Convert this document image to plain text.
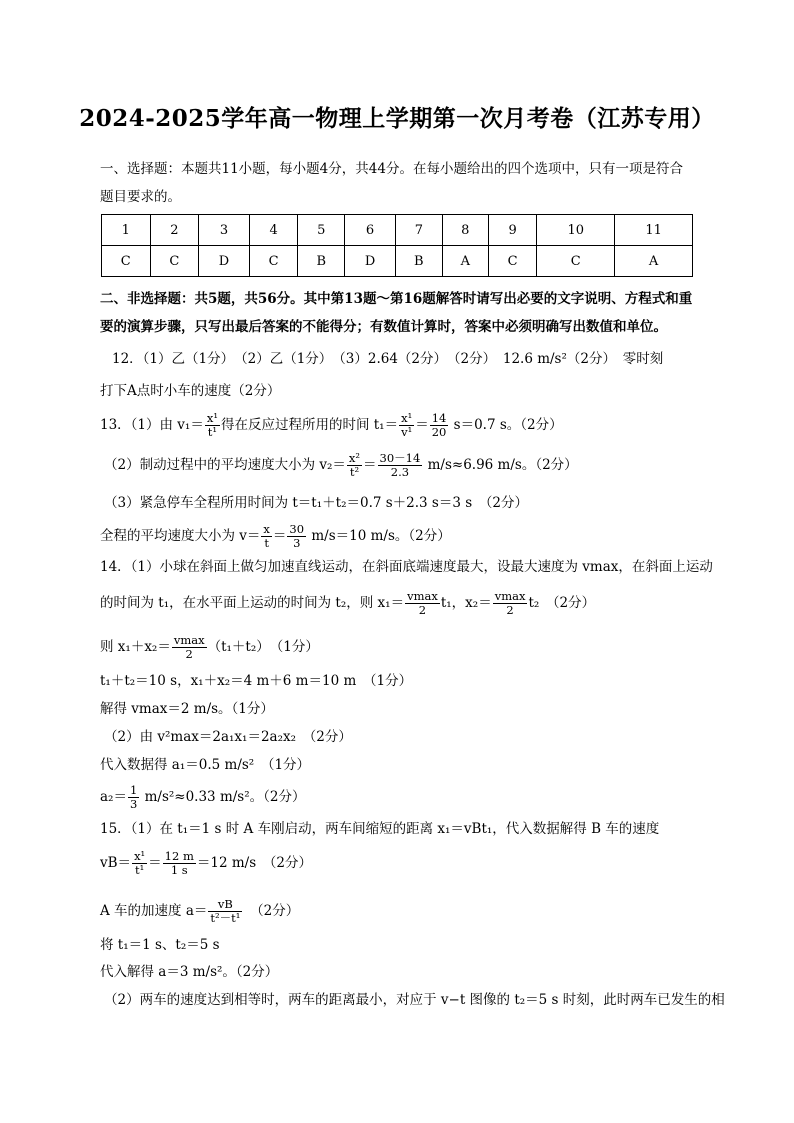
2024-2025学年高一物理上学期第一次月考卷（江苏专用）
一、选择题：本题共11小题，每小题4分，共44分。在每小题给出的四个选项中，只有一项是符合
题目要求的。
1	2	3	4	5	6	7	8	9	10	11
C	C	D	C	B	D	B	A	C	C	A
二、非选择题：共5题，共56分。其中第13题～第16题解答时请写出必要的文字说明、方程式和重
要的演算步骤，只写出最后答案的不能得分；有数值计算时，答案中必须明确写出数值和单位。
12．（1）乙（1分）　（2）乙（1分）　（3）2.64（2分）　（2分）　12.6 m/s²（2分）　零时刻
打下A点时小车的速度（2分）
13．（1）由 $v_1= \frac{\text{x¹}}{\text{t¹}}$ 得在反应过程所用的时间 $t_1= \frac{\text{x¹}}{\text{v¹}} = \frac{14}{20} s=0.7$ s。（2分）
（2）制动过程中的平均速度大小为 $v_2= \frac{\text{x²}}{\text{t²}} = \frac{30-14}{2.3} m/s\approx 6.96$ m/s。（2分）
（3）紧急停车全程所用时间为 t＝t₁＋t₂＝0.7 s＋2.3 s＝3 s　（2分）
全程的平均速度大小为 $v= \frac{x}{t} = \frac{30}{3} m/s=10$ m/s。（2分）
14．（1）小球在斜面上做匀加速直线运动，在斜面底端速度最大，设最大速度为 vmax，在斜面上运动
的时间为 t₁，在水平面上运动的时间为 t₂，则 $x_1= \frac{vmax}{2} t_1$，$x_2= \frac{vmax}{2} t_2$　（2分）
则 $x_1+x_2= \frac{vmax}{2} (t_1+t_2)$　（1分）
t₁＋t₂＝10 s，x₁＋x₂＝4 m＋6 m＝10 m　（1分）
解得 vmax＝2 m/s。（1分）
（2）由 v²max＝2a₁x₁＝2a₂x₂　（2分）
代入数据得 a₁＝0.5 m/s²　（1分）
$a_2= \frac{1}{3} m/s^2\approx 0.33$ m/s²。（2分）
15．（1）在 t₁＝1 s 时 A 车刚启动，两车间缩短的距离 x₁＝vBt₁，代入数据解得 B 车的速度
$vB= \frac{\text{x¹}}{\text{t¹}} = \frac{12 m}{1 s} =12$ m/s　（2分）
A 车的加速度 $a= \frac{vB}{\text{t²－t¹}}$ 　（2分）
将 t₁＝1 s、t₂＝5 s
代入解得 a＝3 m/s²。（2分）
（2）两车的速度达到相等时，两车的距离最小，对应于 v−t 图像的 t₂＝5 s 时刻，此时两车已发生的相
